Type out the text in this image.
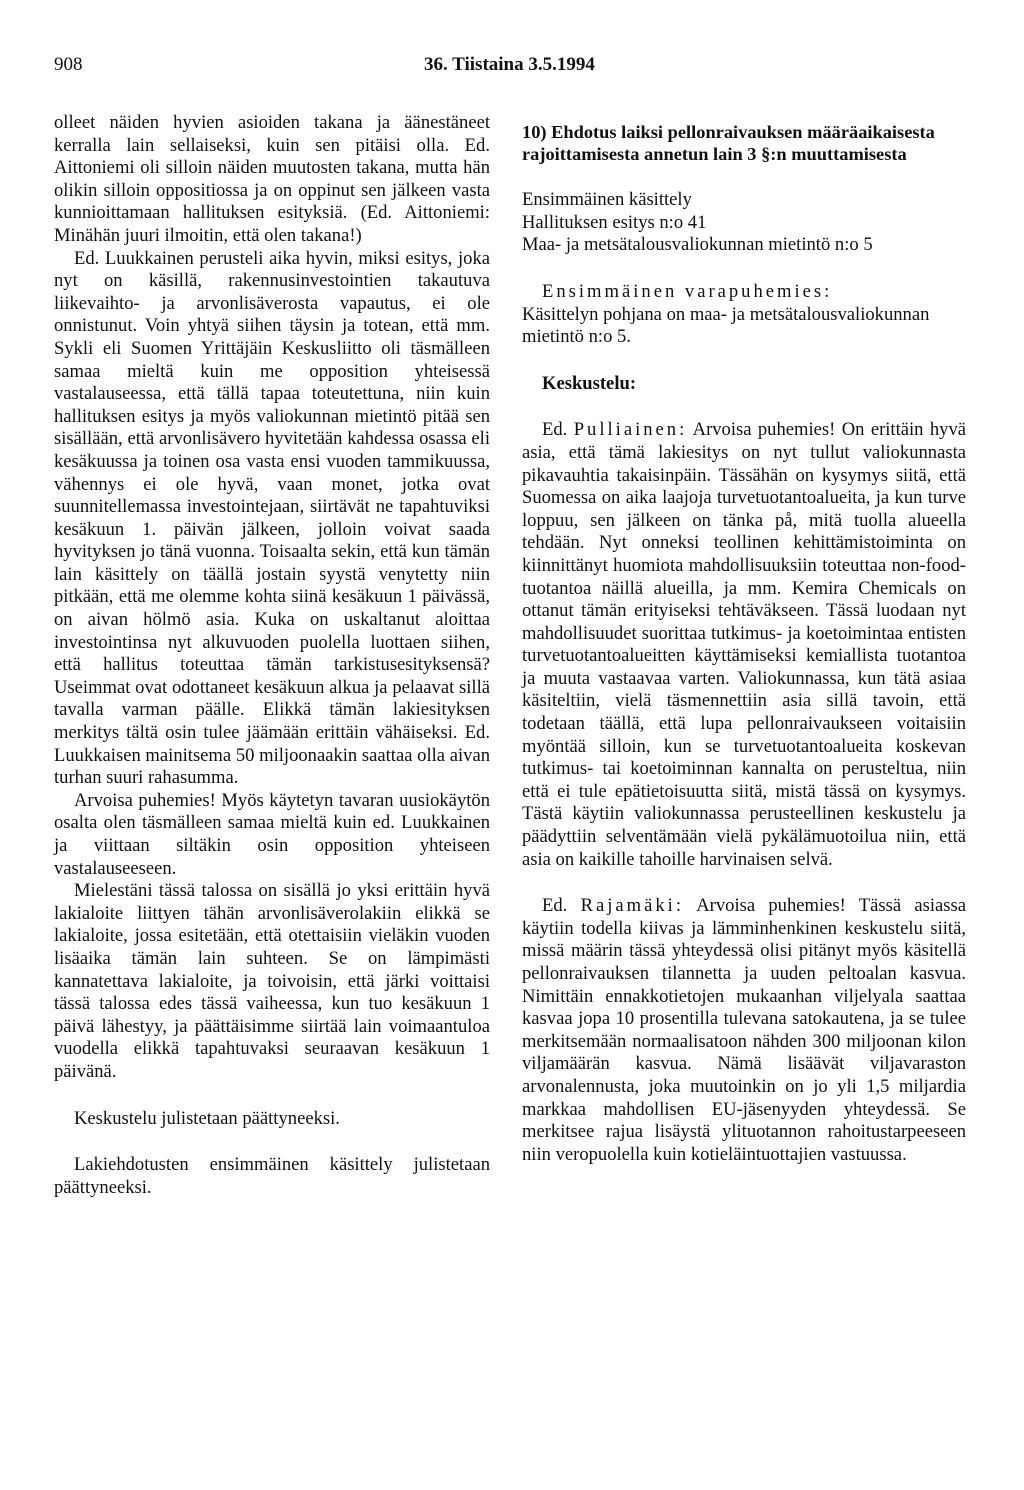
908	36. Tiistaina 3.5.1994

olleet näiden hyvien asioiden takana ja äänestäneet kerralla lain sellaiseksi, kuin sen pitäisi olla. Ed. Aittoniemi oli silloin näiden muutosten takana, mutta hän olikin silloin oppositiossa ja on oppinut sen jälkeen vasta kunnioittamaan hallituksen esityksiä. (Ed. Aittoniemi: Minähän juuri ilmoitin, että olen takana!)

Ed. Luukkainen perusteli aika hyvin, miksi esitys, joka nyt on käsillä, rakennusinvestointien takautuva liikevaihto- ja arvonlisäverosta vapautus, ei ole onnistunut. Voin yhtyä siihen täysin ja totean, että mm. Sykli eli Suomen Yrittäjäin Keskusliitto oli täsmälleen samaa mieltä kuin me opposition yhteisessä vastalauseessa, että tällä tapaa toteutettuna, niin kuin hallituksen esitys ja myös valiokunnan mietintö pitää sen sisällään, että arvonlisävero hyvitetään kahdessa osassa eli kesäkuussa ja toinen osa vasta ensi vuoden tammikuussa, vähennys ei ole hyvä, vaan monet, jotka ovat suunnitellemassa investointejaan, siirtävät ne tapahtuviksi kesäkuun 1. päivän jälkeen, jolloin voivat saada hyvityksen jo tänä vuonna. Toisaalta sekin, että kun tämän lain käsittely on täällä jostain syystä venytetty niin pitkään, että me olemme kohta siinä kesäkuun 1 päivässä, on aivan hölmö asia. Kuka on uskaltanut aloittaa investointinsa nyt alkuvuoden puolella luottaen siihen, että hallitus toteuttaa tämän tarkistusesityksensä? Useimmat ovat odottaneet kesäkuun alkua ja pelaavat sillä tavalla varman päälle. Elikkä tämän lakiesityksen merkitys tältä osin tulee jäämään erittäin vähäiseksi. Ed. Luukkaisen mainitsema 50 miljoonaakin saattaa olla aivan turhan suuri rahasumma.

Arvoisa puhemies! Myös käytetyn tavaran uusiokäytön osalta olen täsmälleen samaa mieltä kuin ed. Luukkainen ja viittaan siltäkin osin opposition yhteiseen vastalauseeseen.

Mielestäni tässä talossa on sisällä jo yksi erittäin hyvä lakialoite liittyen tähän arvonlisäverolakiin elikkä se lakialoite, jossa esitetään, että otettaisiin vieläkin vuoden lisäaika tämän lain suhteen. Se on lämpimästi kannatettava lakialoite, ja toivoisin, että järki voittaisi tässä talossa edes tässä vaiheessa, kun tuo kesäkuun 1 päivä lähestyy, ja päättäisimme siirtää lain voimaantuloa vuodella elikkä tapahtuvaksi seuraavan kesäkuun 1 päivänä.

Keskustelu julistetaan päättyneeksi.

Lakiehdotusten ensimmäinen käsittely julistetaan päättyneeksi.

10) Ehdotus laiksi pellonraivauksen määräaikaisesta rajoittamisesta annetun lain 3 §:n muuttamisesta

Ensimmäinen käsittely

Hallituksen esitys n:o 41

Maa- ja metsätalousvaliokunnan mietintö n:o 5

Ensimmäinen varapuhemies:

Käsittelyn pohjana on maa- ja metsätalousvaliokunnan mietintö n:o 5.

Keskustelu:

Ed. Pulliainen: Arvoisa puhemies! On erittäin hyvä asia, että tämä lakiesitys on nyt tullut valiokunnasta pikavauhtia takaisinpäin. Tässähän on kysymys siitä, että Suomessa on aika laajoja turvetuotantoalueita, ja kun turve loppuu, sen jälkeen on tänka på, mitä tuolla alueella tehdään. Nyt onneksi teollinen kehittämistoiminta on kiinnittänyt huomiota mahdollisuuksiin toteuttaa non-food-tuotantoa näillä alueilla, ja mm. Kemira Chemicals on ottanut tämän erityiseksi tehtäväkseen. Tässä luodaan nyt mahdollisuudet suorittaa tutkimus- ja koetoimintaa entisten turvetuotantoalueitten käyttämiseksi kemiallista tuotantoa ja muuta vastaavaa varten. Valiokunnassa, kun tätä asiaa käsiteltiin, vielä täsmennettiin asia sillä tavoin, että todetaan täällä, että lupa pellonraivaukseen voitaisiin myöntää silloin, kun se turvetuotantoalueita koskevan tutkimus- tai koetoiminnan kannalta on perusteltua, niin että ei tule epätietoisuutta siitä, mistä tässä on kysymys. Tästä käytiin valiokunnassa perusteellinen keskustelu ja päädyttiin selventämään vielä pykälämuotoilua niin, että asia on kaikille tahoille harvinaisen selvä.

Ed. Rajamäki: Arvoisa puhemies! Tässä asiassa käytiin todella kiivas ja lämminhenkinen keskustelu siitä, missä määrin tässä yhteydessä olisi pitänyt myös käsitellä pellonraivauksen tilannetta ja uuden peltoalan kasvua. Nimittäin ennakkotietojen mukaanhan viljelyala saattaa kasvaa jopa 10 prosentilla tulevana satokautena, ja se tulee merkitsemään normaalisatoon nähden 300 miljoonan kilon viljamäärän kasvua. Nämä lisäävät viljavaraston arvonalennusta, joka muutoinkin on jo yli 1,5 miljardia markkaa mahdollisen EU-jäsenyyden yhteydessä. Se merkitsee rajua lisäystä ylituotannon rahoitustarpeeseen niin veropuolella kuin kotieläintuottajien vastuussa.
